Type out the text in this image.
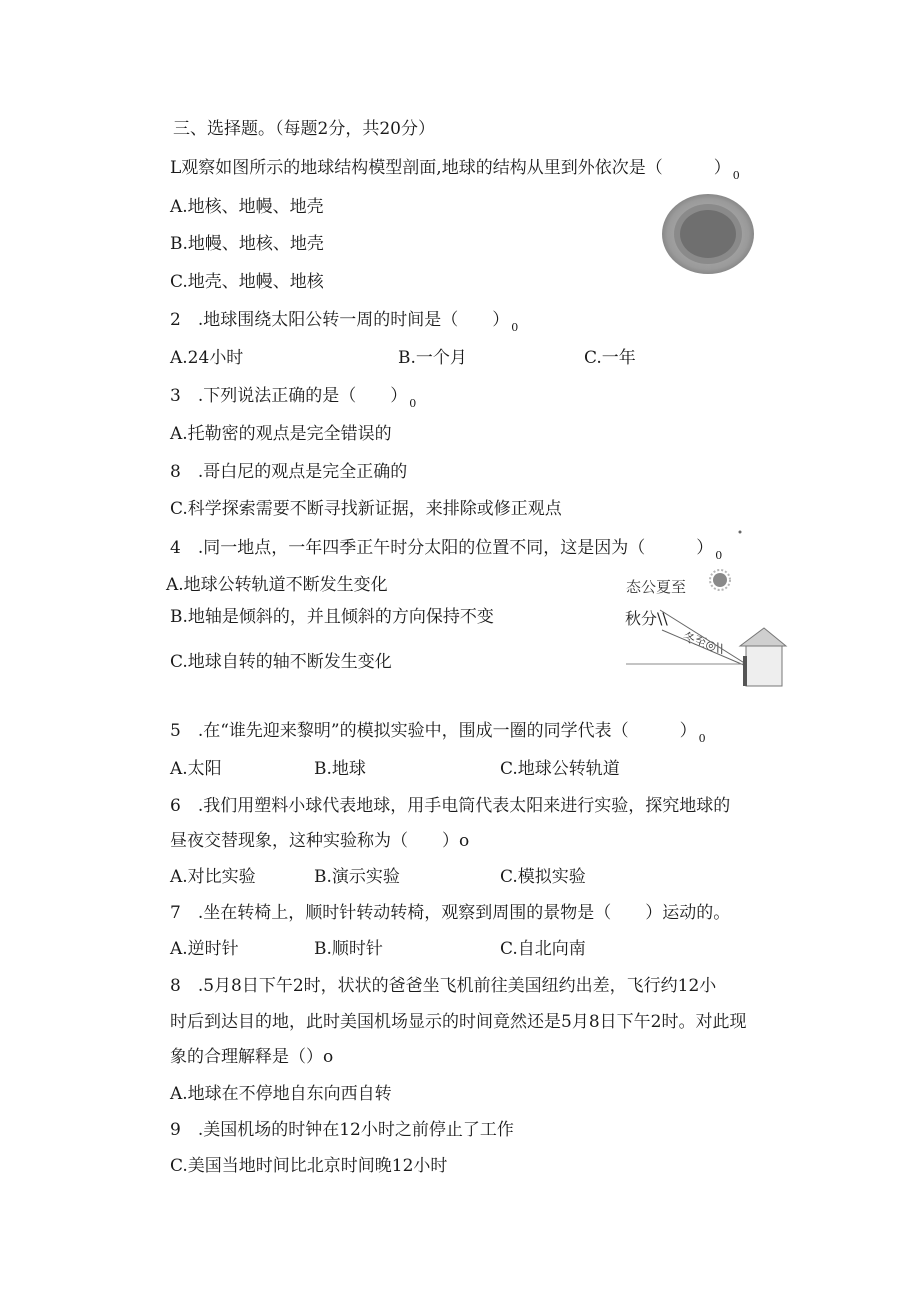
三、选择题。（每题2分，共20分）
L观察如图所示的地球结构模型剖面,地球的结构从里到外依次是（　　　） $_0$
A.地核、地幔、地壳
B.地幔、地核、地壳
C.地壳、地幔、地核
2　.地球围绕太阳公转一周的时间是（　　） $_0$
A.24小时	B.一个月	C.一年
3　.下列说法正确的是（　　） $_0$
A.托勒密的观点是完全错误的
8　.哥白尼的观点是完全正确的
C.科学探索需要不断寻找新证据，来排除或修正观点
4　.同一地点，一年四季正午时分太阳的位置不同，这是因为（　　　） $_0$
A.地球公转轨道不断发生变化
B.地轴是倾斜的，并且倾斜的方向保持不变
C.地球自转的轴不断发生变化
态公夏至
秋分\\
冬至◎\\
5　.在“谁先迎来黎明”的模拟实验中，围成一圈的同学代表（　　　） $_0$
A.太阳	B.地球	C.地球公转轨道
6　.我们用塑料小球代表地球，用手电筒代表太阳来进行实验，探究地球的
昼夜交替现象，这种实验称为（　　）o
A.对比实验	B.演示实验	C.模拟实验
7　.坐在转椅上，顺时针转动转椅，观察到周围的景物是（　　）运动的。
A.逆时针	B.顺时针	C.自北向南
8　.5月8日下午2时，状状的爸爸坐飞机前往美国纽约出差，飞行约12小
时后到达目的地，此时美国机场显示的时间竟然还是5月8日下午2时。对此现
象的合理解释是（）o
A.地球在不停地自东向西自转
9　.美国机场的时钟在12小时之前停止了工作
C.美国当地时间比北京时间晚12小时
